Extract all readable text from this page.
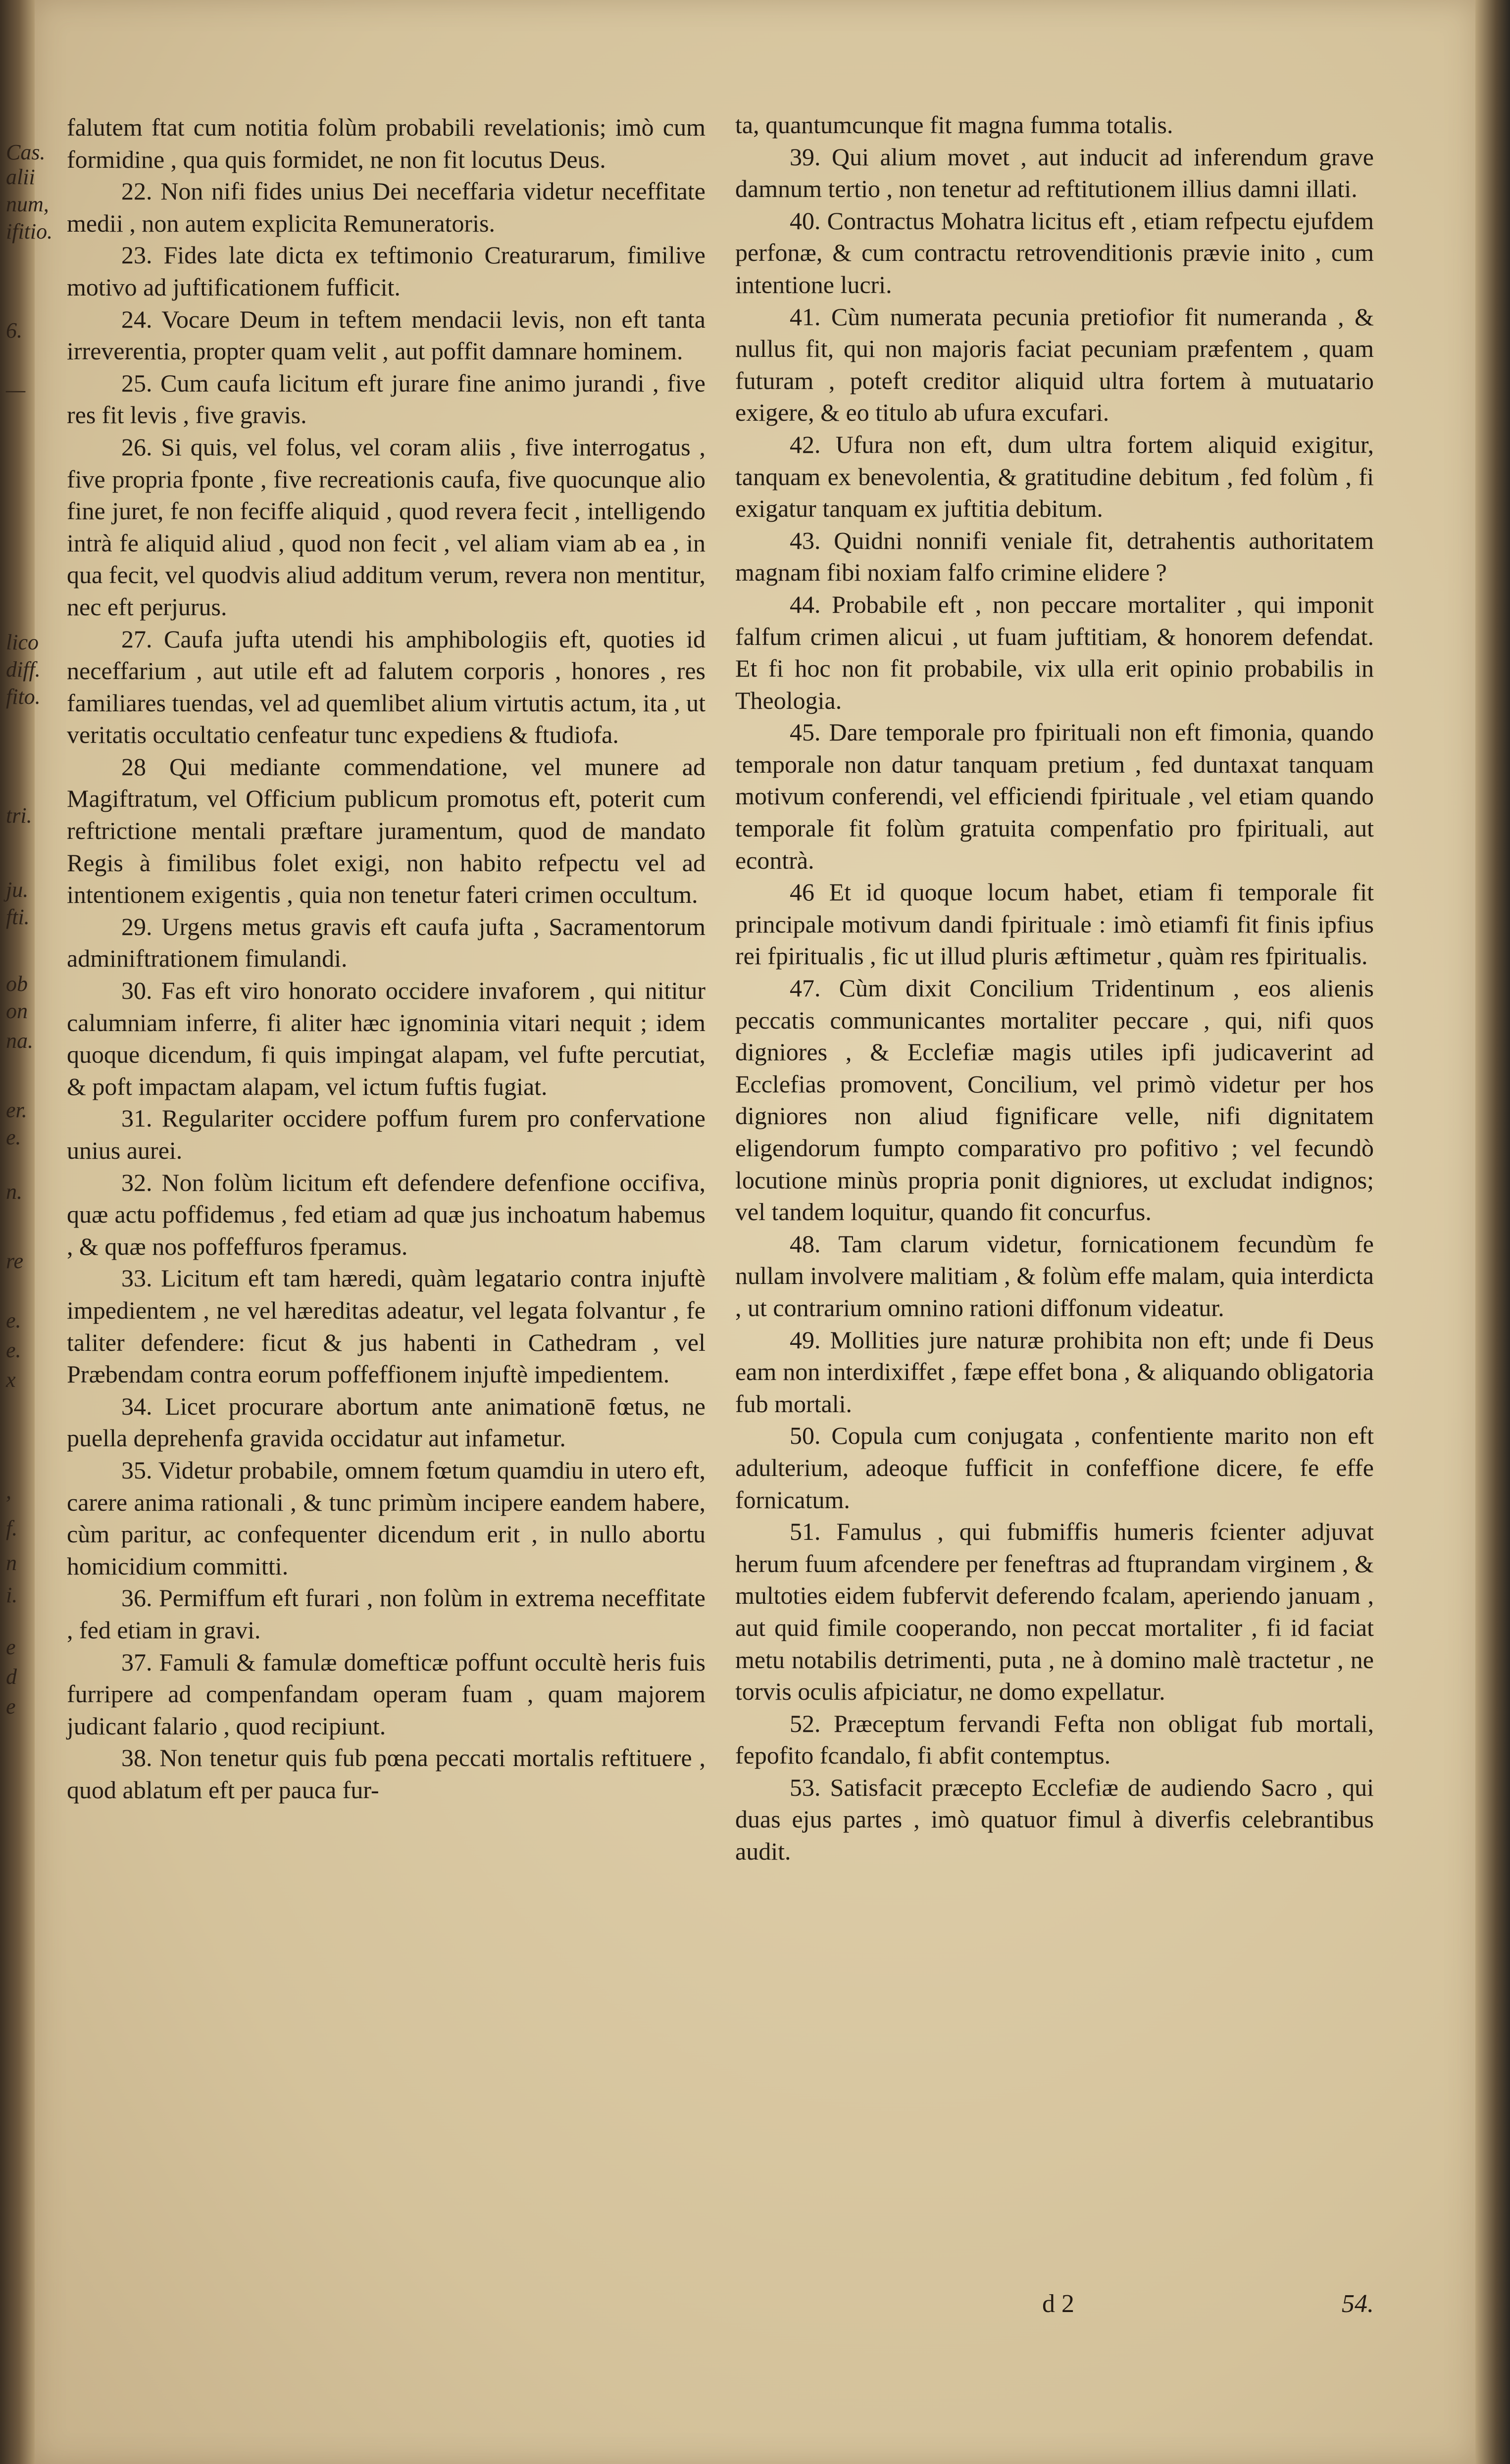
Cas.
alii
num,
ifitio.
6.
—
lico
diff.
fito.
tri.
ju.
fti.
ob
on
na.
er.
e.
n.
re
e.
e.
x
,
f.
n
i.
e
d
e

falutem ftat cum notitia folùm probabili revelationis; imò cum formidine , qua quis formidet, ne non fit locutus Deus.

22. Non nifi fides unius Dei neceffaria videtur neceffitate medii , non autem explicita Remuneratoris.

23. Fides late dicta ex teftimonio Creaturarum, fimilive motivo ad juftificationem fufficit.

24. Vocare Deum in teftem mendacii levis, non eft tanta irreverentia, propter quam velit , aut poffit damnare hominem.

25. Cum caufa licitum eft jurare fine animo jurandi , five res fit levis , five gravis.

26. Si quis, vel folus, vel coram aliis , five interrogatus , five propria fponte , five recreationis caufa, five quocunque alio fine juret, fe non feciffe aliquid , quod revera fecit , intelligendo intrà fe aliquid aliud , quod non fecit , vel aliam viam ab ea , in qua fecit, vel quodvis aliud additum verum, revera non mentitur, nec eft perjurus.

27. Caufa jufta utendi his amphibologiis eft, quoties id neceffarium , aut utile eft ad falutem corporis , honores , res familiares tuendas, vel ad quemlibet alium virtutis actum, ita , ut veritatis occultatio cenfeatur tunc expediens & ftudiofa.

28 Qui mediante commendatione, vel munere ad Magiftratum, vel Officium publicum promotus eft, poterit cum reftrictione mentali præftare juramentum, quod de mandato Regis à fimilibus folet exigi, non habito refpectu vel ad intentionem exigentis , quia non tenetur fateri crimen occultum.

29. Urgens metus gravis eft caufa jufta , Sacramentorum adminiftrationem fimulandi.

30. Fas eft viro honorato occidere invaforem , qui nititur calumniam inferre, fi aliter hæc ignominia vitari nequit ; idem quoque dicendum, fi quis impingat alapam, vel fufte percutiat, & poft impactam alapam, vel ictum fuftis fugiat.

31. Regulariter occidere poffum furem pro confervatione unius aurei.

32. Non folùm licitum eft defendere defenfione occifiva, quæ actu poffidemus , fed etiam ad quæ jus inchoatum habemus , & quæ nos poffeffuros fperamus.

33. Licitum eft tam hæredi, quàm legatario contra injuftè impedientem , ne vel hæreditas adeatur, vel legata folvantur , fe taliter defendere: ficut & jus habenti in Cathedram , vel Præbendam contra eorum poffeffionem injuftè impedientem.

34. Licet procurare abortum ante animationē fœtus, ne puella deprehenfa gravida occidatur aut infametur.

35. Videtur probabile, omnem fœtum quamdiu in utero eft, carere anima rationali , & tunc primùm incipere eandem habere, cùm paritur, ac confequenter dicendum erit , in nullo abortu homicidium committi.

36. Permiffum eft furari , non folùm in extrema neceffitate , fed etiam in gravi.

37. Famuli & famulæ domefticæ poffunt occultè heris fuis furripere ad compenfandam operam fuam , quam majorem judicant falario , quod recipiunt.

38. Non tenetur quis fub pœna peccati mortalis reftituere , quod ablatum eft per pauca fur-

ta, quantumcunque fit magna fumma totalis.

39. Qui alium movet , aut inducit ad inferendum grave damnum tertio , non tenetur ad reftitutionem illius damni illati.

40. Contractus Mohatra licitus eft , etiam refpectu ejufdem perfonæ, & cum contractu retrovenditionis prævie inito , cum intentione lucri.

41. Cùm numerata pecunia pretiofior fit numeranda , & nullus fit, qui non majoris faciat pecuniam præfentem , quam futuram , poteft creditor aliquid ultra fortem à mutuatario exigere, & eo titulo ab ufura excufari.

42. Ufura non eft, dum ultra fortem aliquid exigitur, tanquam ex benevolentia, & gratitudine debitum , fed folùm , fi exigatur tanquam ex juftitia debitum.

43. Quidni nonnifi veniale fit, detrahentis authoritatem magnam fibi noxiam falfo crimine elidere ?

44. Probabile eft , non peccare mortaliter , qui imponit falfum crimen alicui , ut fuam juftitiam, & honorem defendat. Et fi hoc non fit probabile, vix ulla erit opinio probabilis in Theologia.

45. Dare temporale pro fpirituali non eft fimonia, quando temporale non datur tanquam pretium , fed duntaxat tanquam motivum conferendi, vel efficiendi fpirituale , vel etiam quando temporale fit folùm gratuita compenfatio pro fpirituali, aut econtrà.

46 Et id quoque locum habet, etiam fi temporale fit principale motivum dandi fpirituale : imò etiamfi fit finis ipfius rei fpiritualis , fic ut illud pluris æftimetur , quàm res fpiritualis.

47. Cùm dixit Concilium Tridentinum , eos alienis peccatis communicantes mortaliter peccare , qui, nifi quos digniores , & Ecclefiæ magis utiles ipfi judicaverint ad Ecclefias promovent, Concilium, vel primò videtur per hos digniores non aliud fignificare velle, nifi dignitatem eligendorum fumpto comparativo pro pofitivo ; vel fecundò locutione minùs propria ponit digniores, ut excludat indignos; vel tandem loquitur, quando fit concurfus.

48. Tam clarum videtur, fornicationem fecundùm fe nullam involvere malitiam , & folùm effe malam, quia interdicta , ut contrarium omnino rationi diffonum videatur.

49. Mollities jure naturæ prohibita non eft; unde fi Deus eam non interdixiffet , fæpe effet bona , & aliquando obligatoria fub mortali.

50. Copula cum conjugata , confentiente marito non eft adulterium, adeoque fufficit in confeffione dicere, fe effe fornicatum.

51. Famulus , qui fubmiffis humeris fcienter adjuvat herum fuum afcendere per feneftras ad ftuprandam virginem , & multoties eidem fubfervit deferendo fcalam, aperiendo januam , aut quid fimile cooperando, non peccat mortaliter , fi id faciat metu notabilis detrimenti, puta , ne à domino malè tractetur , ne torvis oculis afpiciatur, ne domo expellatur.

52. Præceptum fervandi Fefta non obligat fub mortali, fepofito fcandalo, fi abfit contemptus.

53. Satisfacit præcepto Ecclefiæ de audiendo Sacro , qui duas ejus partes , imò quatuor fimul à diverfis celebrantibus audit.

d 2	54.
